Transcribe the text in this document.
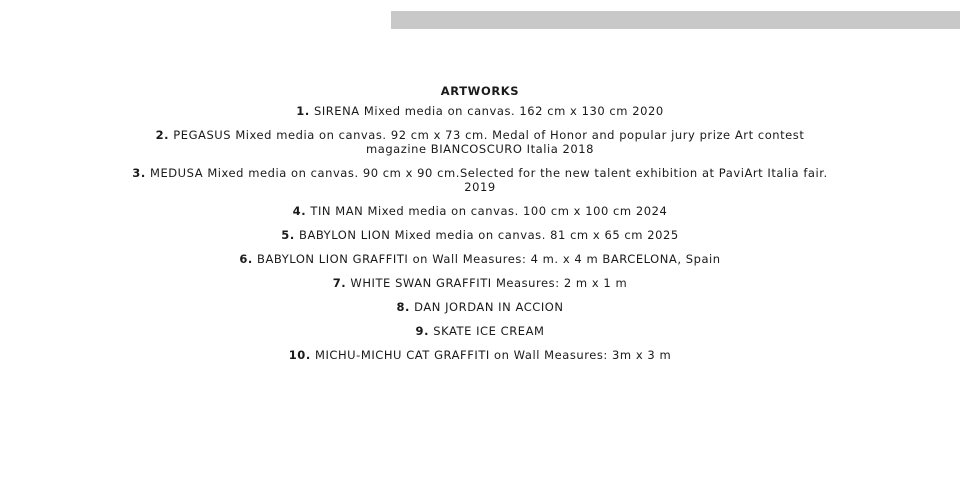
ARTWORKS
1. SIRENA Mixed media on canvas. 162 cm x 130 cm 2020
2. PEGASUS Mixed media on canvas. 92 cm x 73 cm. Medal of Honor and popular jury prize Art contest magazine BIANCOSCURO Italia 2018
3. MEDUSA Mixed media on canvas. 90 cm x 90 cm.Selected for the new talent exhibition at PaviArt Italia fair. 2019
4. TIN MAN Mixed media on canvas. 100 cm x 100 cm 2024
5. BABYLON LION Mixed media on canvas. 81 cm x 65 cm 2025
6. BABYLON LION GRAFFITI on Wall Measures: 4 m. x 4 m BARCELONA, Spain
7. WHITE SWAN GRAFFITI Measures: 2 m x 1 m
8. DAN JORDAN IN ACCION
9. SKATE ICE CREAM
10. MICHU-MICHU CAT GRAFFITI on Wall Measures: 3m x 3 m
